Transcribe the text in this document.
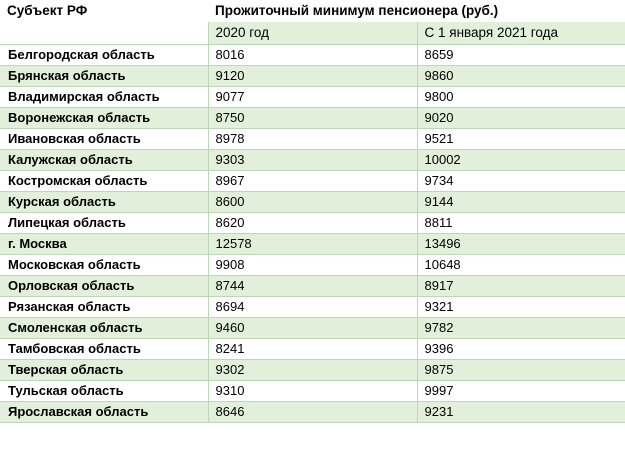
Субъект РФ	Прожиточный минимум пенсионера (руб.)	
	2020 год	С 1 января 2021 года
Белгородская область	8016	8659
Брянская область	9120	9860
Владимирская область	9077	9800
Воронежская область	8750	9020
Ивановская область	8978	9521
Калужская область	9303	10002
Костромская область	8967	9734
Курская область	8600	9144
Липецкая область	8620	8811
г. Москва	12578	13496
Московская область	9908	10648
Орловская область	8744	8917
Рязанская область	8694	9321
Смоленская область	9460	9782
Тамбовская область	8241	9396
Тверская область	9302	9875
Тульская область	9310	9997
Ярославская область	8646	9231
